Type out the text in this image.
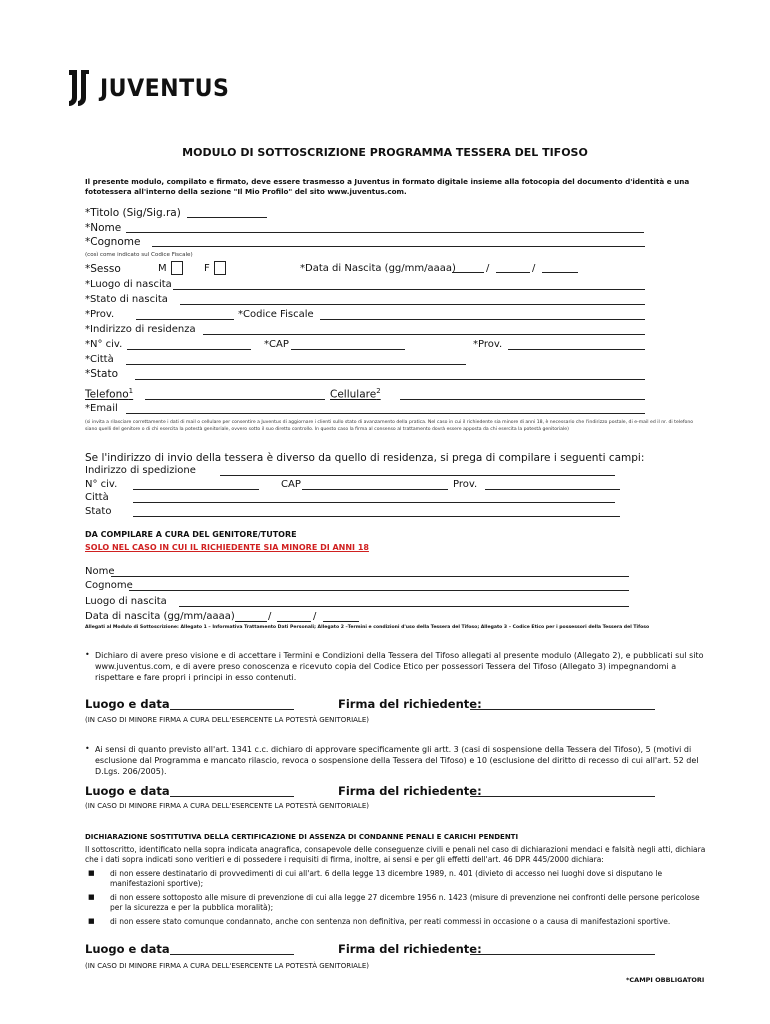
JUVENTUS
MODULO DI SOTTOSCRIZIONE PROGRAMMA TESSERA DEL TIFOSO
Il presente modulo, compilato e firmato, deve essere trasmesso a Juventus in formato digitale insieme alla fotocopia del documento d'identità e una fototessera all'interno della sezione "Il Mio Profilo" del sito www.juventus.com.
*Titolo (Sig/Sig.ra)
*Nome
*Cognome
(così come indicato sul Codice Fiscale)
*Sesso	M	F	*Data di Nascita (gg/mm/aaaa)	/	/
*Luogo di nascita
*Stato di nascita
*Prov.	*Codice Fiscale
*Indirizzo di residenza
*N° civ.	*CAP	*Prov.
*Città
*Stato
Telefono$^1$	Cellulare$^2$
*Email
(si invita a rilasciare correttamente i dati di mail o cellulare per consentire a Juventus di aggiornare i clienti sullo stato di avanzamento della pratica. Nel caso in cui il richiedente sia minore di anni 18, è necessario che l'indirizzo postale, di e-mail ed il nr. di telefono siano quelli del genitore o di chi esercita la potestà genitoriale, ovvero sotto il suo diretto controllo. In questo caso la firma al consenso al trattamento dovrà essere apposta da chi esercita la potestà genitoriale)
Se l'indirizzo di invio della tessera è diverso da quello di residenza, si prega di compilare i seguenti campi:
Indirizzo di spedizione
N° civ.	CAP	Prov.
Città
Stato
DA COMPILARE A CURA DEL GENITORE/TUTORE
SOLO NEL CASO IN CUI IL RICHIEDENTE SIA MINORE DI ANNI 18
Nome
Cognome
Luogo di nascita
Data di nascita (gg/mm/aaaa)	/	/
Allegati al Modulo di Sottoscrizione: Allegato 1 – Informativa Trattamento Dati Personali; Allegato 2 –Termini e condizioni d'uso della Tessera del Tifoso; Allegato 3 – Codice Etico per i possessori della Tessera del Tifoso
• Dichiaro di avere preso visione e di accettare i Termini e Condizioni della Tessera del Tifoso allegati al presente modulo (Allegato 2), e pubblicati sul sito www.juventus.com, e di avere preso conoscenza e ricevuto copia del Codice Etico per possessori Tessera del Tifoso (Allegato 3) impegnandomi a rispettare e fare propri i principi in esso contenuti.
Luogo e data	Firma del richiedente:
(IN CASO DI MINORE FIRMA A CURA DELL'ESERCENTE LA POTESTÀ GENITORIALE)
• Ai sensi di quanto previsto all'art. 1341 c.c. dichiaro di approvare specificamente gli artt. 3 (casi di sospensione della Tessera del Tifoso), 5 (motivi di esclusione dal Programma e mancato rilascio, revoca o sospensione della Tessera del Tifoso) e 10 (esclusione del diritto di recesso di cui all'art. 52 del D.Lgs. 206/2005).
Luogo e data	Firma del richiedente:
(IN CASO DI MINORE FIRMA A CURA DELL'ESERCENTE LA POTESTÀ GENITORIALE)
DICHIARAZIONE SOSTITUTIVA DELLA CERTIFICAZIONE DI ASSENZA DI CONDANNE PENALI E CARICHI PENDENTI
Il sottoscritto, identificato nella sopra indicata anagrafica, consapevole delle conseguenze civili e penali nel caso di dichiarazioni mendaci e falsità negli atti, dichiara che i dati sopra indicati sono veritieri e di possedere i requisiti di firma, inoltre, ai sensi e per gli effetti dell'art. 46 DPR 445/2000 dichiara:
■ di non essere destinatario di provvedimenti di cui all'art. 6 della legge 13 dicembre 1989, n. 401 (divieto di accesso nei luoghi dove si disputano le manifestazioni sportive);
■ di non essere sottoposto alle misure di prevenzione di cui alla legge 27 dicembre 1956 n. 1423 (misure di prevenzione nei confronti delle persone pericolose per la sicurezza e per la pubblica moralità);
■ di non essere stato comunque condannato, anche con sentenza non definitiva, per reati commessi in occasione o a causa di manifestazioni sportive.
Luogo e data	Firma del richiedente:
(IN CASO DI MINORE FIRMA A CURA DELL'ESERCENTE LA POTESTÀ GENITORIALE)
*CAMPI OBBLIGATORI
